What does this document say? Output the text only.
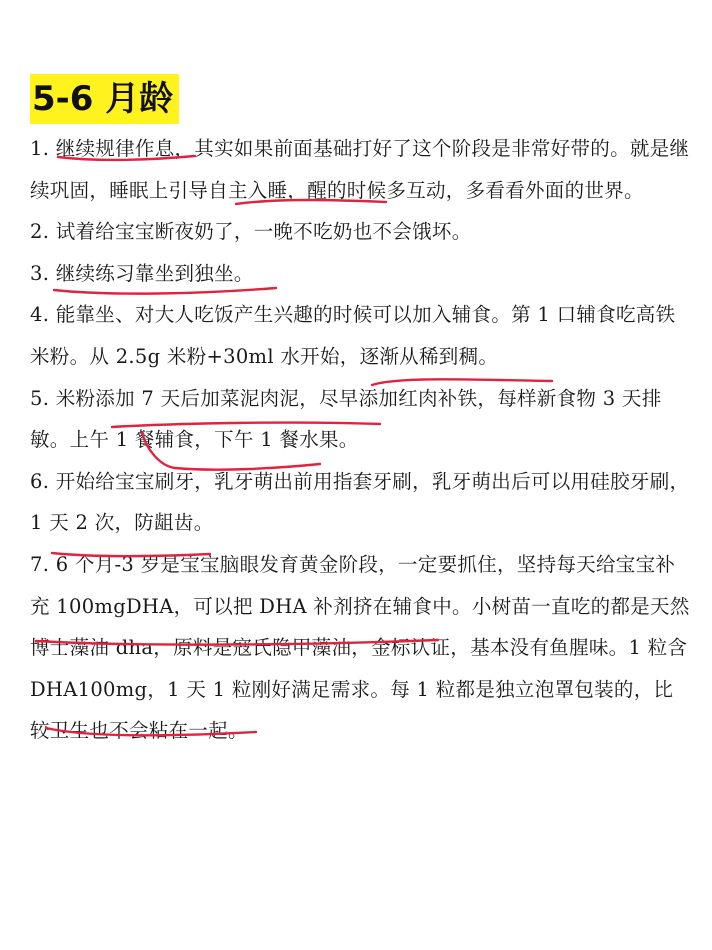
5-6 月龄

1. 继续规律作息，其实如果前面基础打好了这个阶段是非常好带的。就是继续巩固，睡眠上引导自主入睡，醒的时候多互动，多看看外面的世界。

2. 试着给宝宝断夜奶了，一晚不吃奶也不会饿坏。

3. 继续练习靠坐到独坐。

4. 能靠坐、对大人吃饭产生兴趣的时候可以加入辅食。第 1 口辅食吃高铁米粉。从 2.5g 米粉+30ml 水开始，逐渐从稀到稠。

5. 米粉添加 7 天后加菜泥肉泥，尽早添加红肉补铁，每样新食物 3 天排敏。上午 1 餐辅食，下午 1 餐水果。

6. 开始给宝宝刷牙，乳牙萌出前用指套牙刷，乳牙萌出后可以用硅胶牙刷，1 天 2 次，防龃齿。

7. 6 个月-3 岁是宝宝脑眼发育黄金阶段，一定要抓住，坚持每天给宝宝补充 100mgDHA，可以把 DHA 补剂挤在辅食中。小树苗一直吃的都是天然博士藻油 dha，原料是寇氏隐甲藻油，金标认证，基本没有鱼腥味。1 粒含 DHA100mg，1 天 1 粒刚好满足需求。每 1 粒都是独立泡罩包装的，比较卫生也不会粘在一起。
